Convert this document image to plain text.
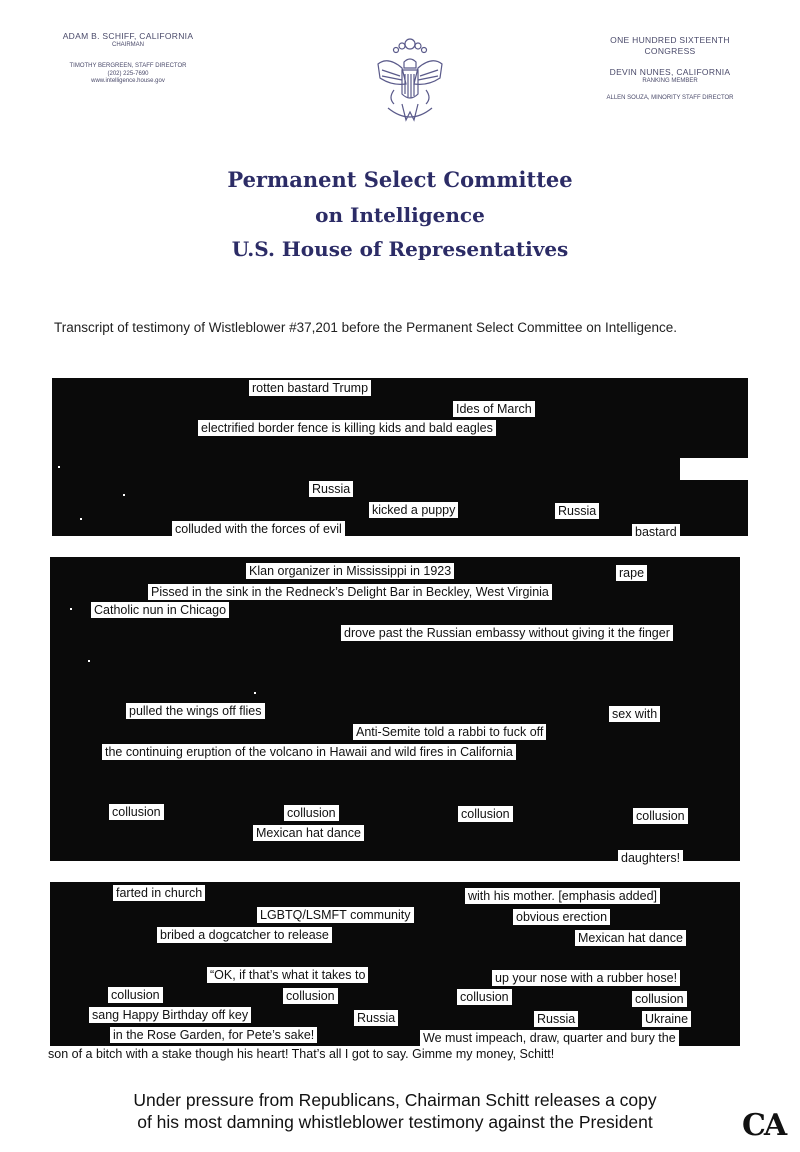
ADAM B. SCHIFF, CALIFORNIA
CHAIRMAN
TIMOTHY BERGREEN, STAFF DIRECTOR
(202) 225-7690
www.intelligence.house.gov
ONE HUNDRED SIXTEENTH CONGRESS
DEVIN NUNES, CALIFORNIA
RANKING MEMBER
ALLEN SOUZA, MINORITY STAFF DIRECTOR
Permanent Select Committee
on Intelligence
U.S. House of Representatives
Transcript of testimony of Wistleblower #37,201 before the Permanent Select Committee on Intelligence.
rotten bastard Trump
Ides of March
electrified border fence is killing kids and bald eagles
Russia
kicked a puppy	Russia
colluded with the forces of evil	bastard
Klan organizer in Mississippi in 1923	rape
Pissed in the sink in the Redneck’s Delight Bar in Beckley, West Virginia
Catholic nun in Chicago
drove past the Russian embassy without giving it the finger
pulled the wings off flies	sex with
Anti-Semite told a rabbi to fuck off
the continuing eruption of the volcano in Hawaii and wild fires in California
collusion	collusion	collusion	collusion
Mexican hat dance
daughters!
farted in church	with his mother. [emphasis added]
LGBTQ/LSMFT community	obvious erection
bribed a dogcatcher to release	Mexican hat dance
“OK, if that’s what it takes to	up your nose with a rubber hose!
collusion	collusion	collusion	collusion
sang Happy Birthday off key	Russia	Russia	Ukraine
in the Rose Garden, for Pete’s sake!	We must impeach, draw, quarter and bury the
son of a bitch with a stake though his heart! That’s all I got to say. Gimme my money, Schitt!
Under pressure from Republicans, Chairman Schitt releases a copy
of his most damning whistleblower testimony against the President	CA
